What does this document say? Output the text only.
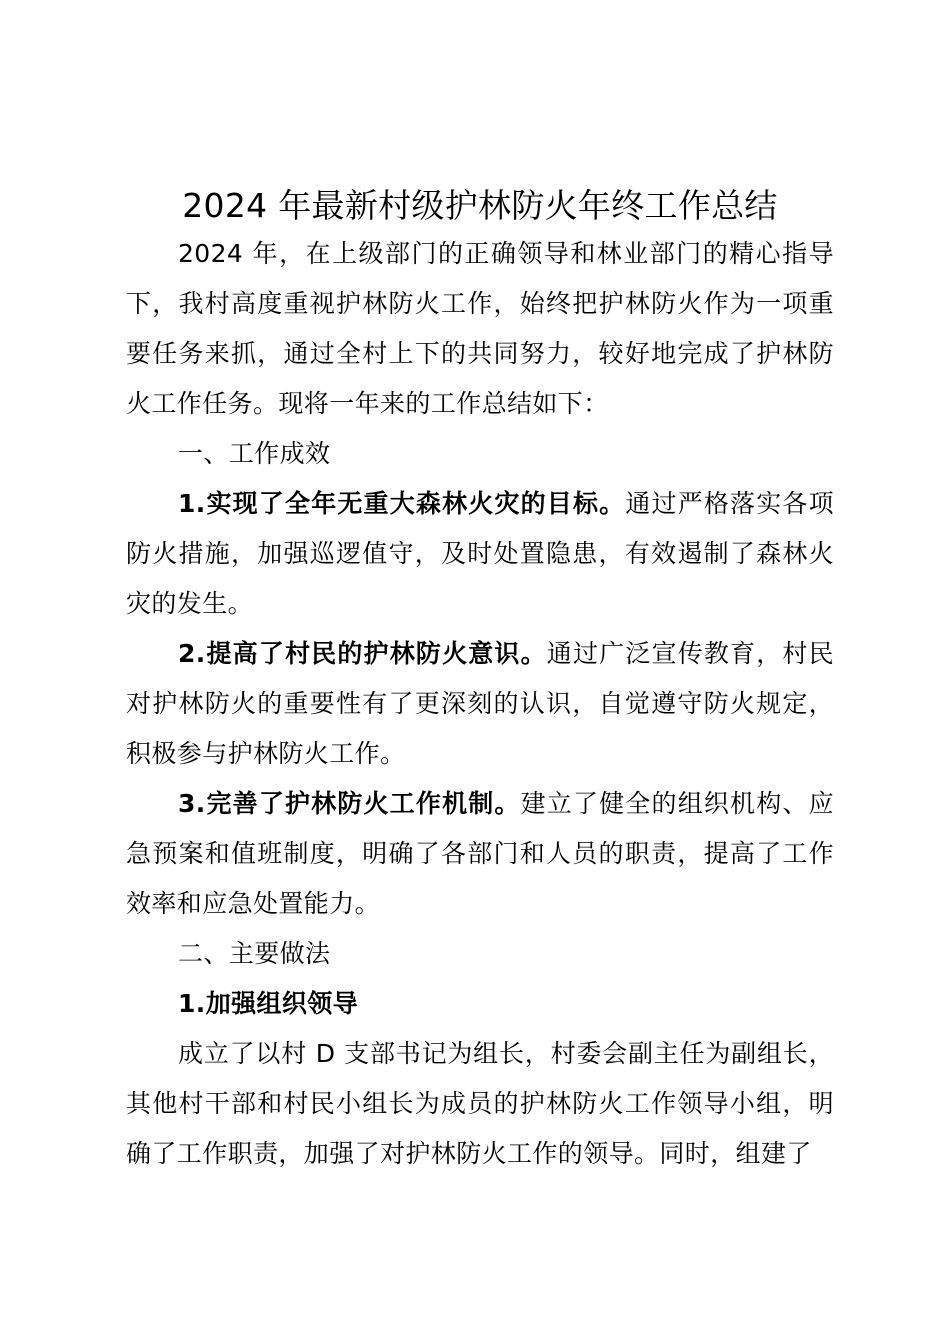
2024 年最新村级护林防火年终工作总结

2024 年，在上级部门的正确领导和林业部门的精心指导下，我村高度重视护林防火工作，始终把护林防火作为一项重要任务来抓，通过全村上下的共同努力，较好地完成了护林防火工作任务。现将一年来的工作总结如下：

一、工作成效

1.实现了全年无重大森林火灾的目标。通过严格落实各项防火措施，加强巡逻值守，及时处置隐患，有效遏制了森林火灾的发生。

2.提高了村民的护林防火意识。通过广泛宣传教育，村民对护林防火的重要性有了更深刻的认识，自觉遵守防火规定，积极参与护林防火工作。

3.完善了护林防火工作机制。建立了健全的组织机构、应急预案和值班制度，明确了各部门和人员的职责，提高了工作效率和应急处置能力。

二、主要做法

1.加强组织领导

成立了以村 D 支部书记为组长，村委会副主任为副组长，其他村干部和村民小组长为成员的护林防火工作领导小组，明确了工作职责，加强了对护林防火工作的领导。同时，组建了
